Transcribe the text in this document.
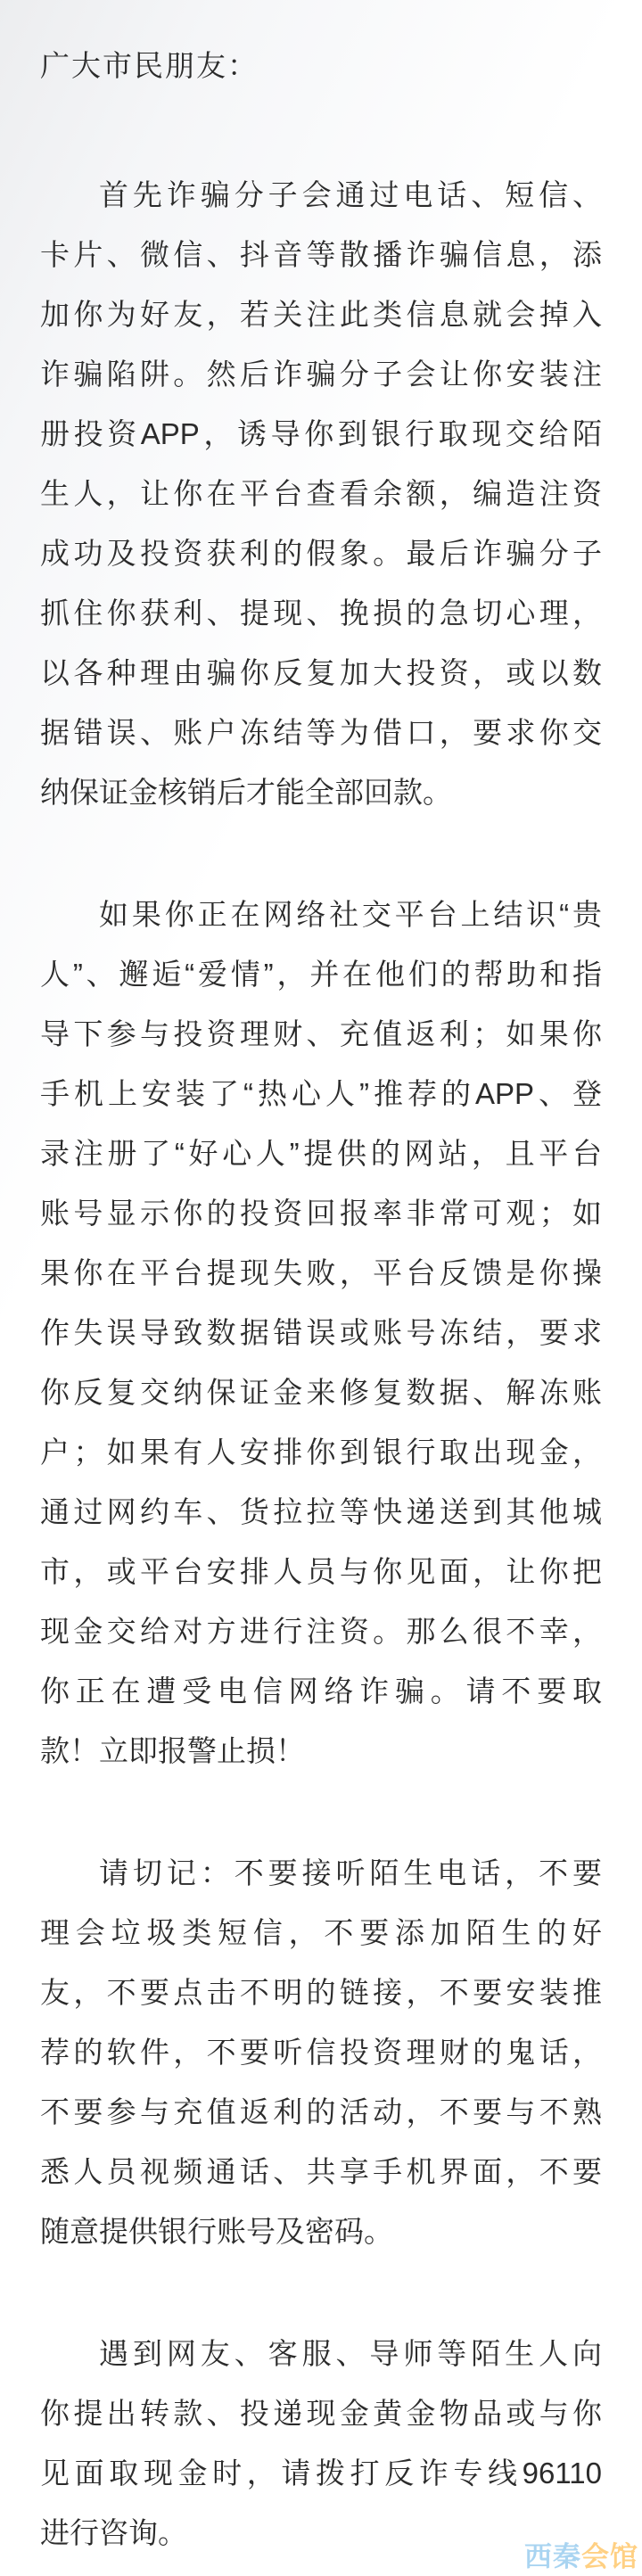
广大市民朋友：
首先诈骗分子会通过电话、短信、
卡片、微信、抖音等散播诈骗信息，添
加你为好友，若关注此类信息就会掉入
诈骗陷阱。然后诈骗分子会让你安装注
册投资APP，诱导你到银行取现交给陌
生人，让你在平台查看余额，编造注资
成功及投资获利的假象。最后诈骗分子
抓住你获利、提现、挽损的急切心理，
以各种理由骗你反复加大投资，或以数
据错误、账户冻结等为借口，要求你交
纳保证金核销后才能全部回款。
如果你正在网络社交平台上结识“贵
人”、邂逅“爱情”，并在他们的帮助和指
导下参与投资理财、充值返利；如果你
手机上安装了“热心人”推荐的APP、登
录注册了“好心人”提供的网站，且平台
账号显示你的投资回报率非常可观；如
果你在平台提现失败，平台反馈是你操
作失误导致数据错误或账号冻结，要求
你反复交纳保证金来修复数据、解冻账
户；如果有人安排你到银行取出现金，
通过网约车、货拉拉等快递送到其他城
市，或平台安排人员与你见面，让你把
现金交给对方进行注资。那么很不幸，
你正在遭受电信网络诈骗。请不要取
款！立即报警止损！
请切记：不要接听陌生电话，不要
理会垃圾类短信，不要添加陌生的好
友，不要点击不明的链接，不要安装推
荐的软件，不要听信投资理财的鬼话，
不要参与充值返利的活动，不要与不熟
悉人员视频通话、共享手机界面，不要
随意提供银行账号及密码。
遇到网友、客服、导师等陌生人向
你提出转款、投递现金黄金物品或与你
见面取现金时，请拨打反诈专线96110
进行咨询。
西秦会馆
